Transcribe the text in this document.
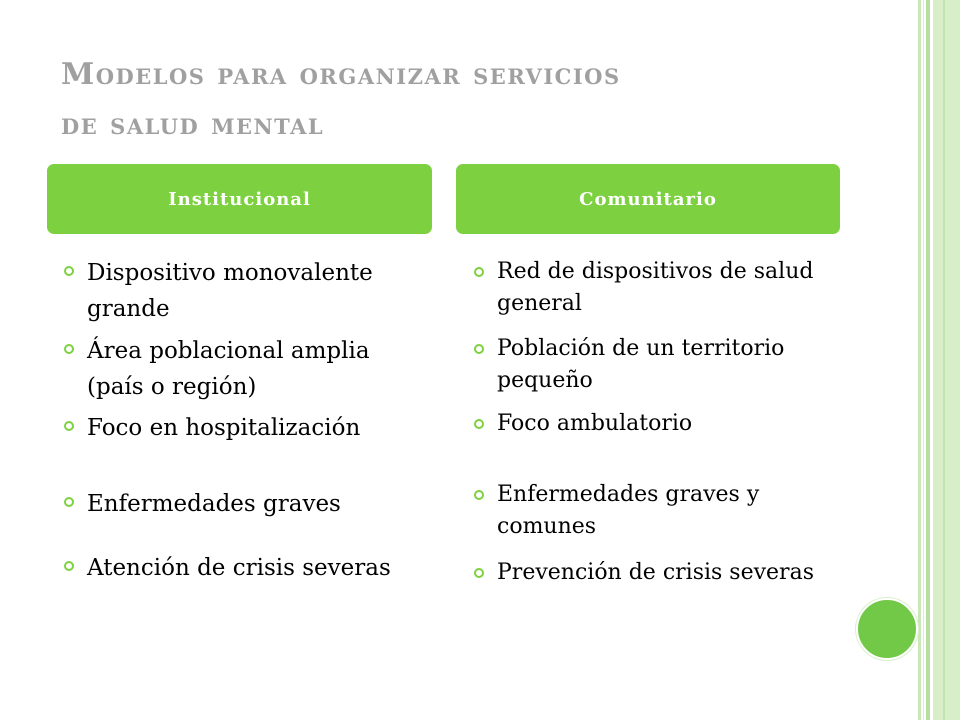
Modelos para organizar servicios
de salud mental
Institucional	Comunitario
Dispositivo monovalente grande
Área poblacional amplia (país o región)
Foco en hospitalización
Enfermedades graves
Atención de crisis severas
Red de dispositivos de salud general
Población de un territorio pequeño
Foco ambulatorio
Enfermedades graves y comunes
Prevención de crisis severas
